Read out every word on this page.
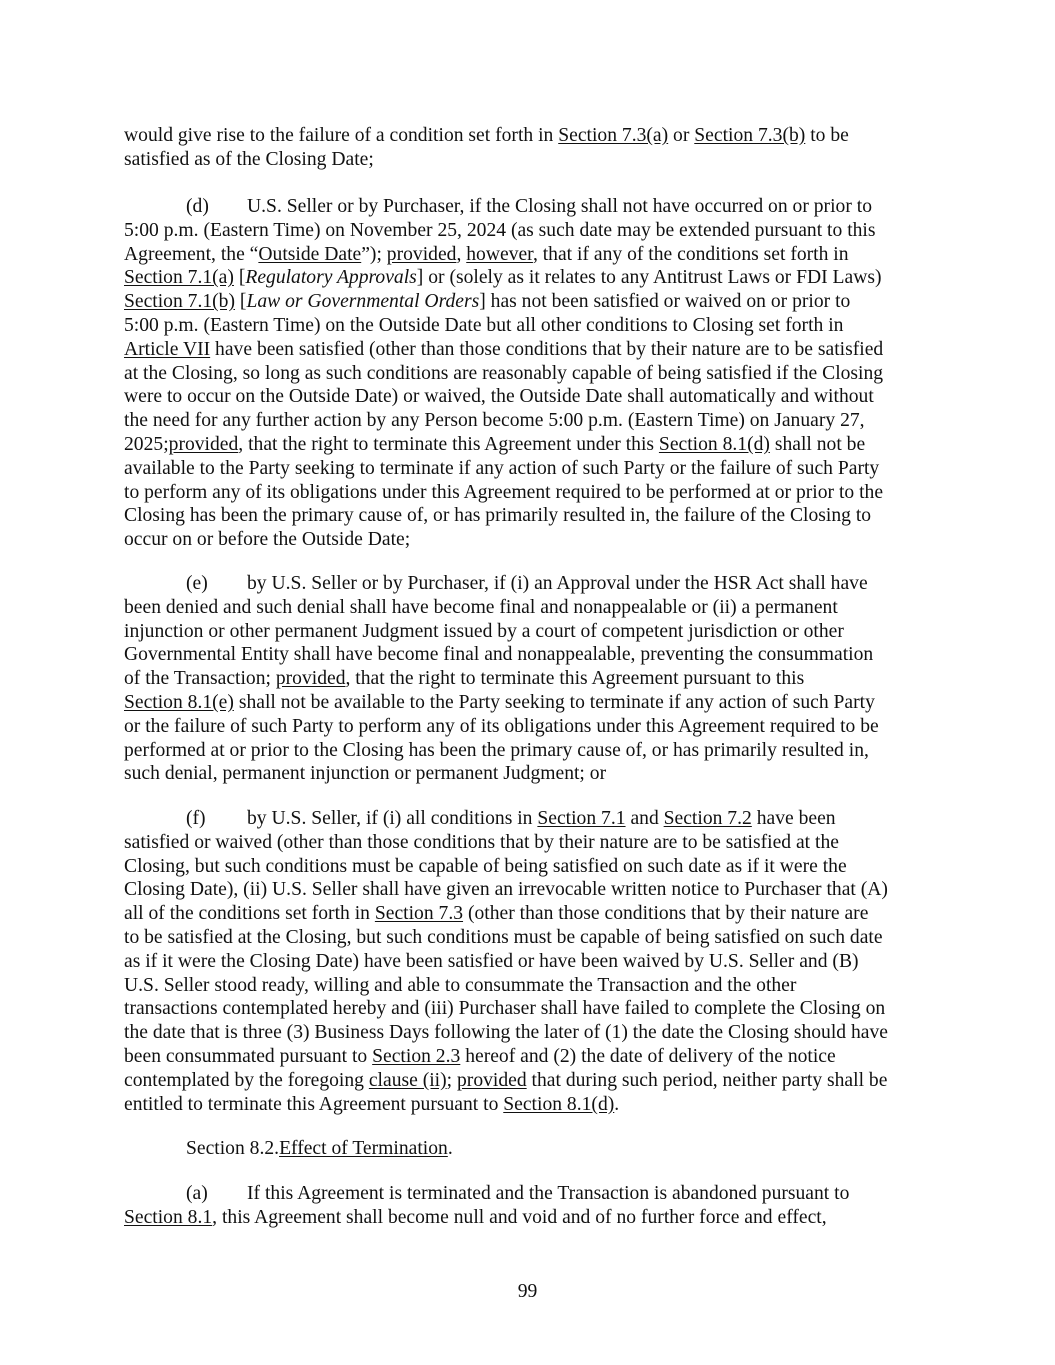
would give rise to the failure of a condition set forth in Section 7.3(a) or Section 7.3(b) to be
satisfied as of the Closing Date;
(d) U.S. Seller or by Purchaser, if the Closing shall not have occurred on or prior to
5:00 p.m. (Eastern Time) on November 25, 2024 (as such date may be extended pursuant to this
Agreement, the “Outside Date”); provided, however, that if any of the conditions set forth in
Section 7.1(a) [Regulatory Approvals] or (solely as it relates to any Antitrust Laws or FDI Laws)
Section 7.1(b) [Law or Governmental Orders] has not been satisfied or waived on or prior to
5:00 p.m. (Eastern Time) on the Outside Date but all other conditions to Closing set forth in
Article VII have been satisfied (other than those conditions that by their nature are to be satisfied
at the Closing, so long as such conditions are reasonably capable of being satisfied if the Closing
were to occur on the Outside Date) or waived, the Outside Date shall automatically and without
the need for any further action by any Person become 5:00 p.m. (Eastern Time) on January 27,
2025;provided, that the right to terminate this Agreement under this Section 8.1(d) shall not be
available to the Party seeking to terminate if any action of such Party or the failure of such Party
to perform any of its obligations under this Agreement required to be performed at or prior to the
Closing has been the primary cause of, or has primarily resulted in, the failure of the Closing to
occur on or before the Outside Date;
(e) by U.S. Seller or by Purchaser, if (i) an Approval under the HSR Act shall have
been denied and such denial shall have become final and nonappealable or (ii) a permanent
injunction or other permanent Judgment issued by a court of competent jurisdiction or other
Governmental Entity shall have become final and nonappealable, preventing the consummation
of the Transaction; provided, that the right to terminate this Agreement pursuant to this
Section 8.1(e) shall not be available to the Party seeking to terminate if any action of such Party
or the failure of such Party to perform any of its obligations under this Agreement required to be
performed at or prior to the Closing has been the primary cause of, or has primarily resulted in,
such denial, permanent injunction or permanent Judgment; or
(f) by U.S. Seller, if (i) all conditions in Section 7.1 and Section 7.2 have been
satisfied or waived (other than those conditions that by their nature are to be satisfied at the
Closing, but such conditions must be capable of being satisfied on such date as if it were the
Closing Date), (ii) U.S. Seller shall have given an irrevocable written notice to Purchaser that (A)
all of the conditions set forth in Section 7.3 (other than those conditions that by their nature are
to be satisfied at the Closing, but such conditions must be capable of being satisfied on such date
as if it were the Closing Date) have been satisfied or have been waived by U.S. Seller and (B)
U.S. Seller stood ready, willing and able to consummate the Transaction and the other
transactions contemplated hereby and (iii) Purchaser shall have failed to complete the Closing on
the date that is three (3) Business Days following the later of (1) the date the Closing should have
been consummated pursuant to Section 2.3 hereof and (2) the date of delivery of the notice
contemplated by the foregoing clause (ii); provided that during such period, neither party shall be
entitled to terminate this Agreement pursuant to Section 8.1(d).
Section 8.2.Effect of Termination.
(a) If this Agreement is terminated and the Transaction is abandoned pursuant to
Section 8.1, this Agreement shall become null and void and of no further force and effect,
99
